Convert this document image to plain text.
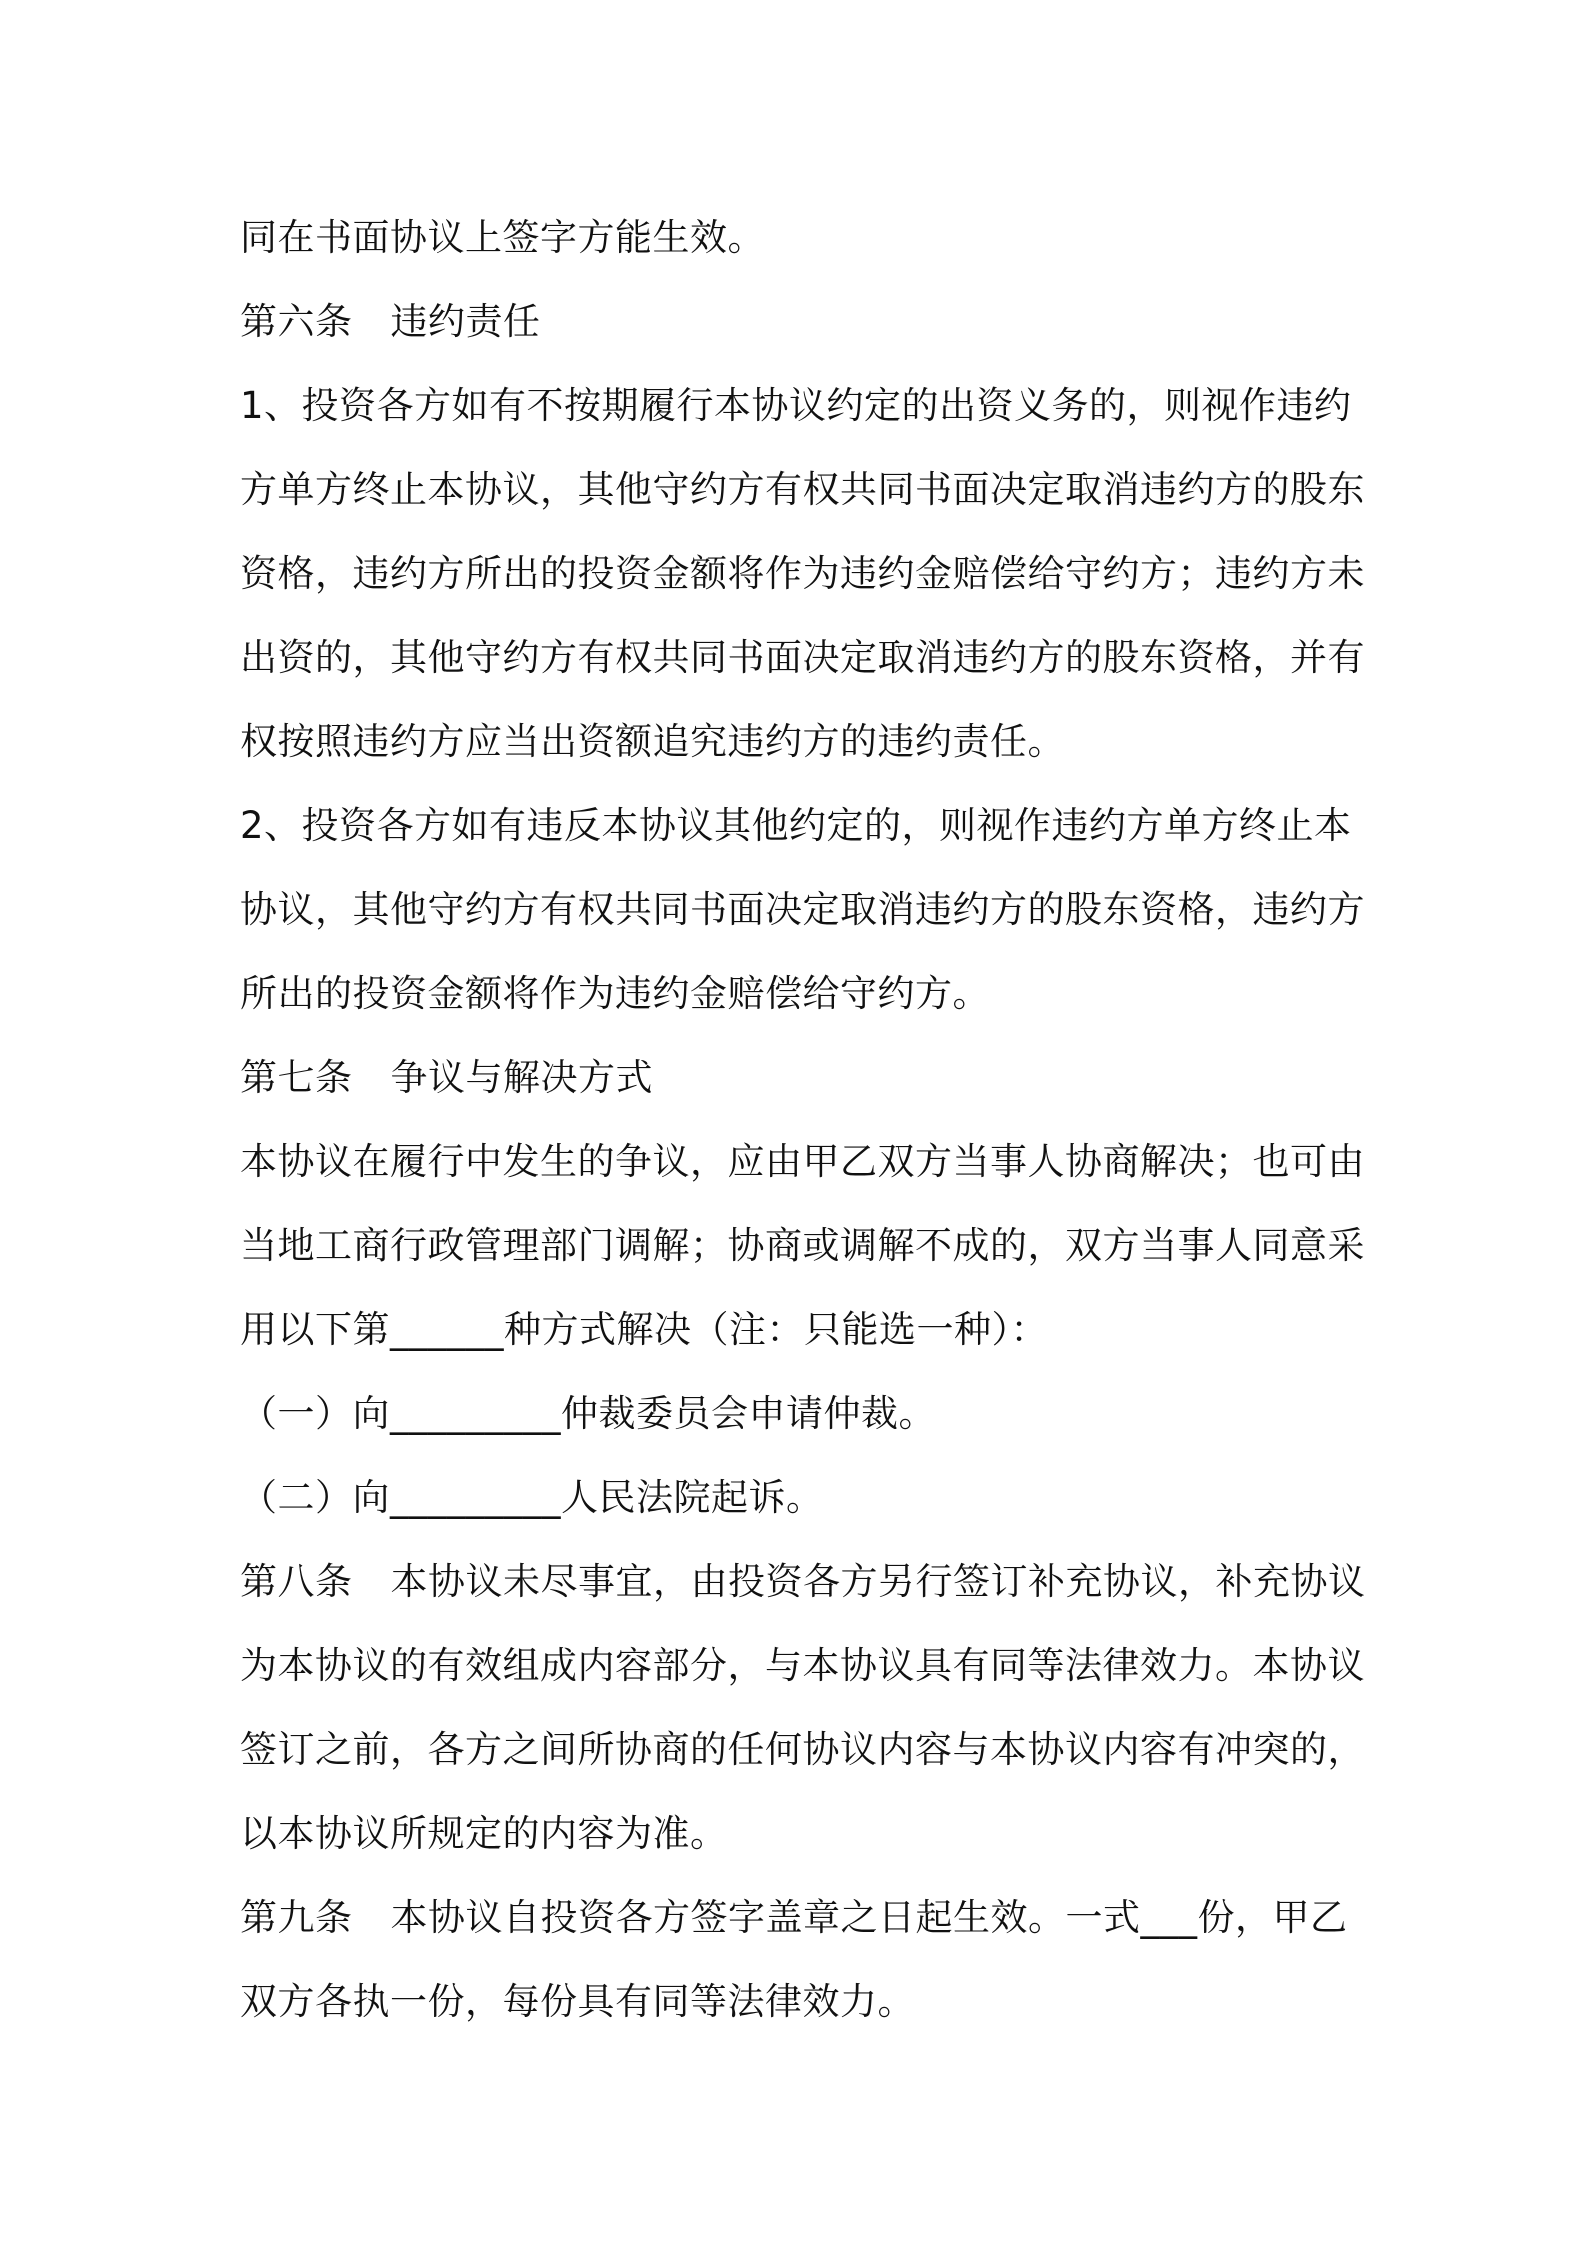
同在书面协议上签字方能生效。
第六条 违约责任
1、投资各方如有不按期履行本协议约定的出资义务的，则视作违约
方单方终止本协议，其他守约方有权共同书面决定取消违约方的股东
资格，违约方所出的投资金额将作为违约金赔偿给守约方；违约方未
出资的，其他守约方有权共同书面决定取消违约方的股东资格，并有
权按照违约方应当出资额追究违约方的违约责任。
2、投资各方如有违反本协议其他约定的，则视作违约方单方终止本
协议，其他守约方有权共同书面决定取消违约方的股东资格，违约方
所出的投资金额将作为违约金赔偿给守约方。
第七条 争议与解决方式
本协议在履行中发生的争议，应由甲乙双方当事人协商解决；也可由
当地工商行政管理部门调解；协商或调解不成的，双方当事人同意采
用以下第______种方式解决（注：只能选一种）：
（一）向_________仲裁委员会申请仲裁。
（二）向_________人民法院起诉。
第八条 本协议未尽事宜，由投资各方另行签订补充协议，补充协议
为本协议的有效组成内容部分，与本协议具有同等法律效力。本协议
签订之前，各方之间所协商的任何协议内容与本协议内容有冲突的，
以本协议所规定的内容为准。
第九条 本协议自投资各方签字盖章之日起生效。一式___份，甲乙
双方各执一份，每份具有同等法律效力。
